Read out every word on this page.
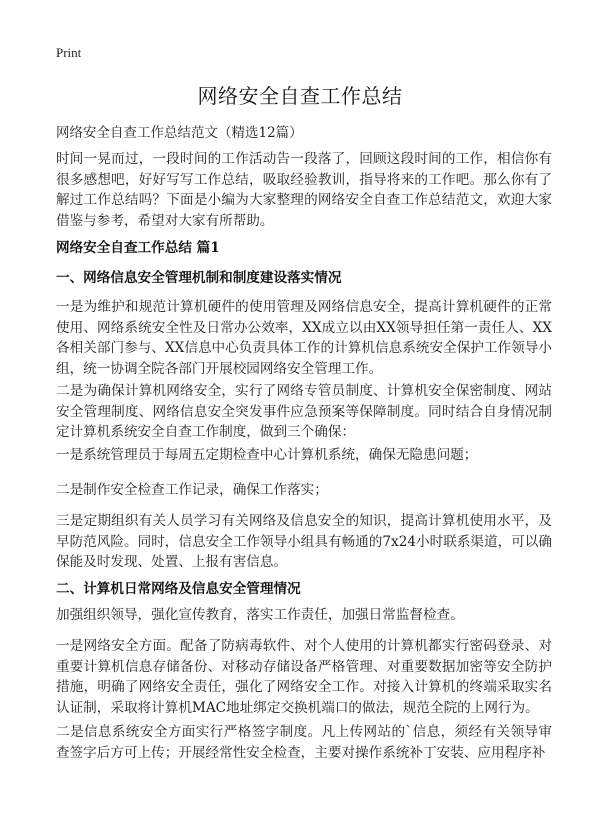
Print
网络安全自查工作总结
网络安全自查工作总结范文（精选12篇）
时间一晃而过，一段时间的工作活动告一段落了，回顾这段时间的工作，相信你有很多感想吧，好好写写工作总结，吸取经验教训，指导将来的工作吧。那么你有了解过工作总结吗？下面是小编为大家整理的网络安全自查工作总结范文，欢迎大家借鉴与参考，希望对大家有所帮助。
网络安全自查工作总结 篇1
一、网络信息安全管理机制和制度建设落实情况
一是为维护和规范计算机硬件的使用管理及网络信息安全，提高计算机硬件的正常使用、网络系统安全性及日常办公效率，XX成立以由XX领导担任第一责任人、XX各相关部门参与、XX信息中心负责具体工作的计算机信息系统安全保护工作领导小组，统一协调全院各部门开展校园网络安全管理工作。
二是为确保计算机网络安全，实行了网络专管员制度、计算机安全保密制度、网站安全管理制度、网络信息安全突发事件应急预案等保障制度。同时结合自身情况制定计算机系统安全自查工作制度，做到三个确保：
一是系统管理员于每周五定期检查中心计算机系统，确保无隐患问题；
二是制作安全检查工作记录，确保工作落实；
三是定期组织有关人员学习有关网络及信息安全的知识，提高计算机使用水平，及早防范风险。同时，信息安全工作领导小组具有畅通的7x24小时联系渠道，可以确保能及时发现、处置、上报有害信息。
二、计算机日常网络及信息安全管理情况
加强组织领导，强化宣传教育，落实工作责任，加强日常监督检查。
一是网络安全方面。配备了防病毒软件、对个人使用的计算机都实行密码登录、对重要计算机信息存储备份、对移动存储设备严格管理、对重要数据加密等安全防护措施，明确了网络安全责任，强化了网络安全工作。对接入计算机的终端采取实名认证制，采取将计算机MAC地址绑定交换机端口的做法，规范全院的上网行为。
二是信息系统安全方面实行严格签字制度。凡上传网站的`信息，须经有关领导审查签字后方可上传；开展经常性安全检查，主要对操作系统补丁安装、应用程序补
